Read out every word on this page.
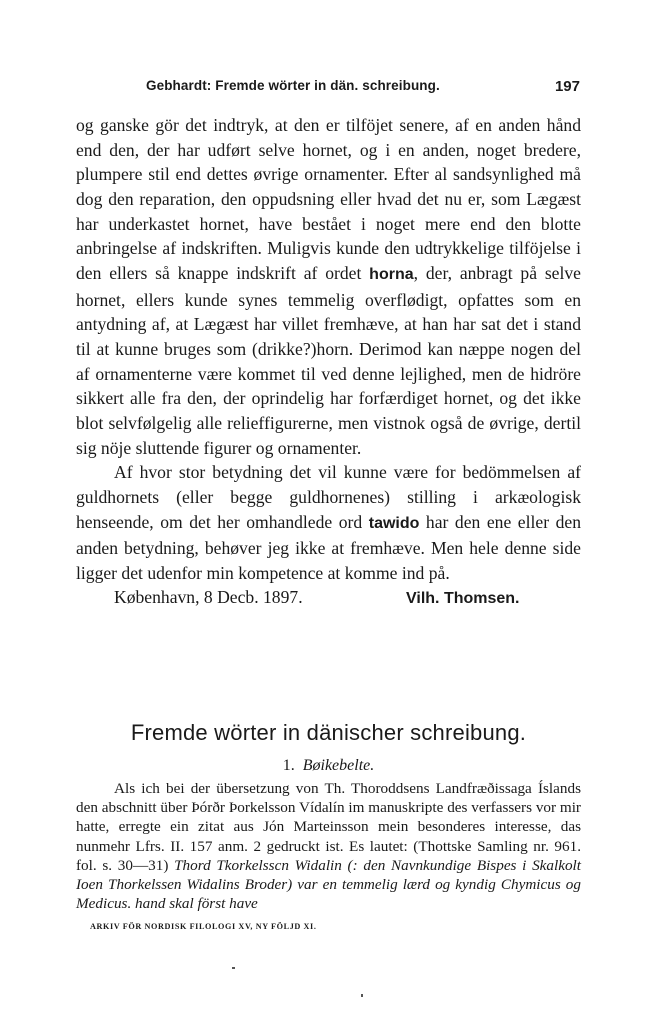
Gebhardt: Fremde wörter in dän. schreibung.	197

og ganske gör det indtryk, at den er tilföjet senere, af en anden hånd end den, der har udført selve hornet, og i en anden, noget bredere, plumpere stil end dettes øvrige ornamenter. Efter al sandsynlighed må dog den reparation, den oppudsning eller hvad det nu er, som Lægæst har underkastet hornet, have bestået i noget mere end den blotte anbringelse af indskriften. Muligvis kunde den udtrykkelige tilföjelse i den ellers så knappe indskrift af ordet horna, der, anbragt på selve hornet, ellers kunde synes temmelig overflødigt, opfattes som en antydning af, at Lægæst har villet fremhæve, at han har sat det i stand til at kunne bruges som (drikke?)horn. Derimod kan næppe nogen del af ornamenterne være kommet til ved denne lejlighed, men de hidröre sikkert alle fra den, der oprindelig har forfærdiget hornet, og det ikke blot selvfølgelig alle relieffigurerne, men vistnok også de øvrige, dertil sig nöje sluttende figurer og ornamenter.

Af hvor stor betydning det vil kunne være for bedömmelsen af guldhornets (eller begge guldhornenes) stilling i arkæologisk henseende, om det her omhandlede ord tawido har den ene eller den anden betydning, behøver jeg ikke at fremhæve. Men hele denne side ligger det udenfor min kompetence at komme ind på.

København, 8 Decb. 1897.	Vilh. Thomsen.
Fremde wörter in dänischer schreibung.
1. Bøikebelte.

Als ich bei der übersetzung von Th. Thoroddsens Landfræðissaga Íslands den abschnitt über Þórðr Þorkelsson Vídalín im manuskripte des verfassers vor mir hatte, erregte ein zitat aus Jón Marteinsson mein besonderes interesse, das nunmehr Lfrs. II. 157 anm. 2 gedruckt ist. Es lautet: (Thottske Samling nr. 961. fol. s. 30—31) Thord Tkorkelsscn Widalin (: den Navnkundige Bispes i Skalkolt Ioen Thorkelssen Widalins Broder) var en temmelig lærd og kyndig Chymicus og Medicus. hand skal först have

ARKIV FÖR NORDISK FILOLOGI XV, NY FÖLJD XI.
